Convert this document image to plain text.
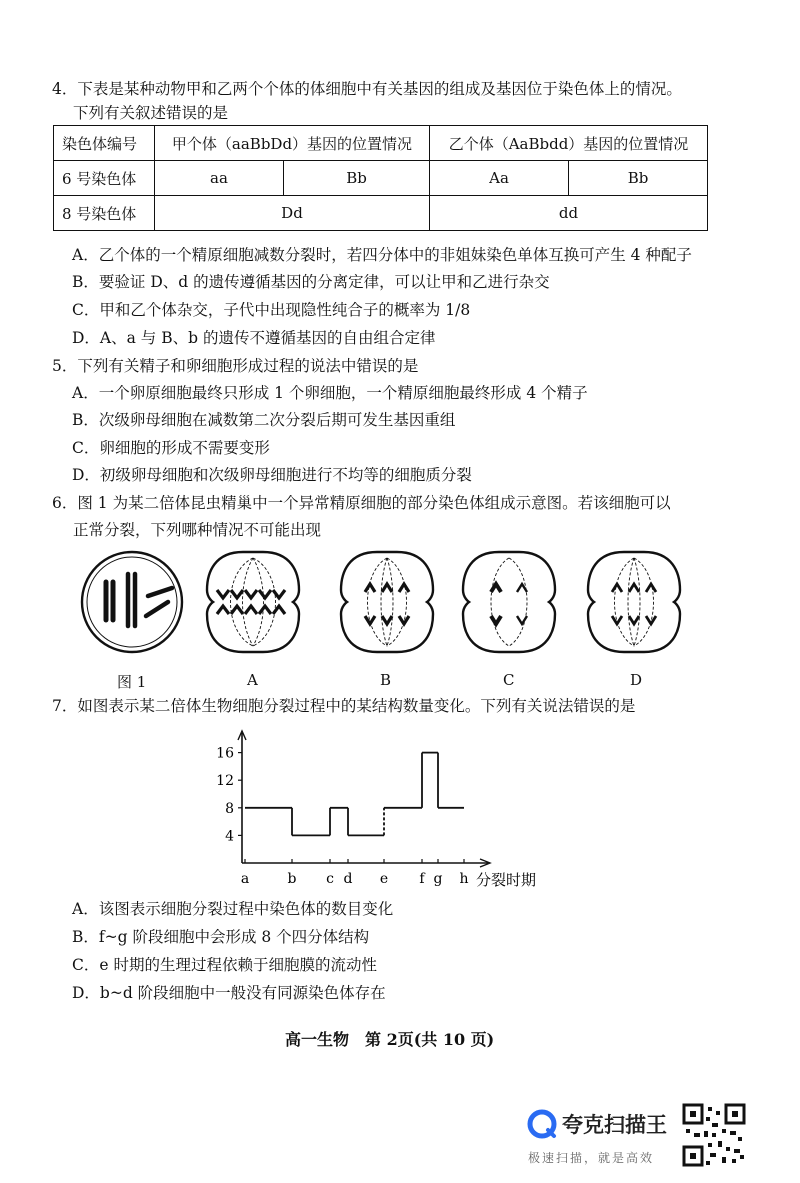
4．下表是某种动物甲和乙两个个体的体细胞中有关基因的组成及基因位于染色体上的情况。
下列有关叙述错误的是
染色体编号	甲个体（aaBbDd）基因的位置情况		乙个体（AaBbdd）基因的位置情况	
6 号染色体	aa	Bb	Aa	Bb
8 号染色体	Dd		dd	
A．乙个体的一个精原细胞减数分裂时，若四分体中的非姐妹染色单体互换可产生 4 种配子
B．要验证 D、d 的遗传遵循基因的分离定律，可以让甲和乙进行杂交
C．甲和乙个体杂交，子代中出现隐性纯合子的概率为 1/8
D．A、a 与 B、b 的遗传不遵循基因的自由组合定律
5．下列有关精子和卵细胞形成过程的说法中错误的是
A．一个卵原细胞最终只形成 1 个卵细胞，一个精原细胞最终形成 4 个精子
B．次级卵母细胞在减数第二次分裂后期可发生基因重组
C．卵细胞的形成不需要变形
D．初级卵母细胞和次级卵母细胞进行不均等的细胞质分裂
6．图 1 为某二倍体昆虫精巢中一个异常精原细胞的部分染色体组成示意图。若该细胞可以
正常分裂，下列哪种情况不可能出现
图 1	A	B	C	D
7．如图表示某二倍体生物细胞分裂过程中的某结构数量变化。下列有关说法错误的是
4
8
12
16
a	b c d e f g h 分裂时期
A．该图表示细胞分裂过程中染色体的数目变化
B．f~g 阶段细胞中会形成 8 个四分体结构
C．e 时期的生理过程依赖于细胞膜的流动性
D．b~d 阶段细胞中一般没有同源染色体存在
高一生物　第 2页(共 10 页)
夸克扫描王
极速扫描，就是高效
